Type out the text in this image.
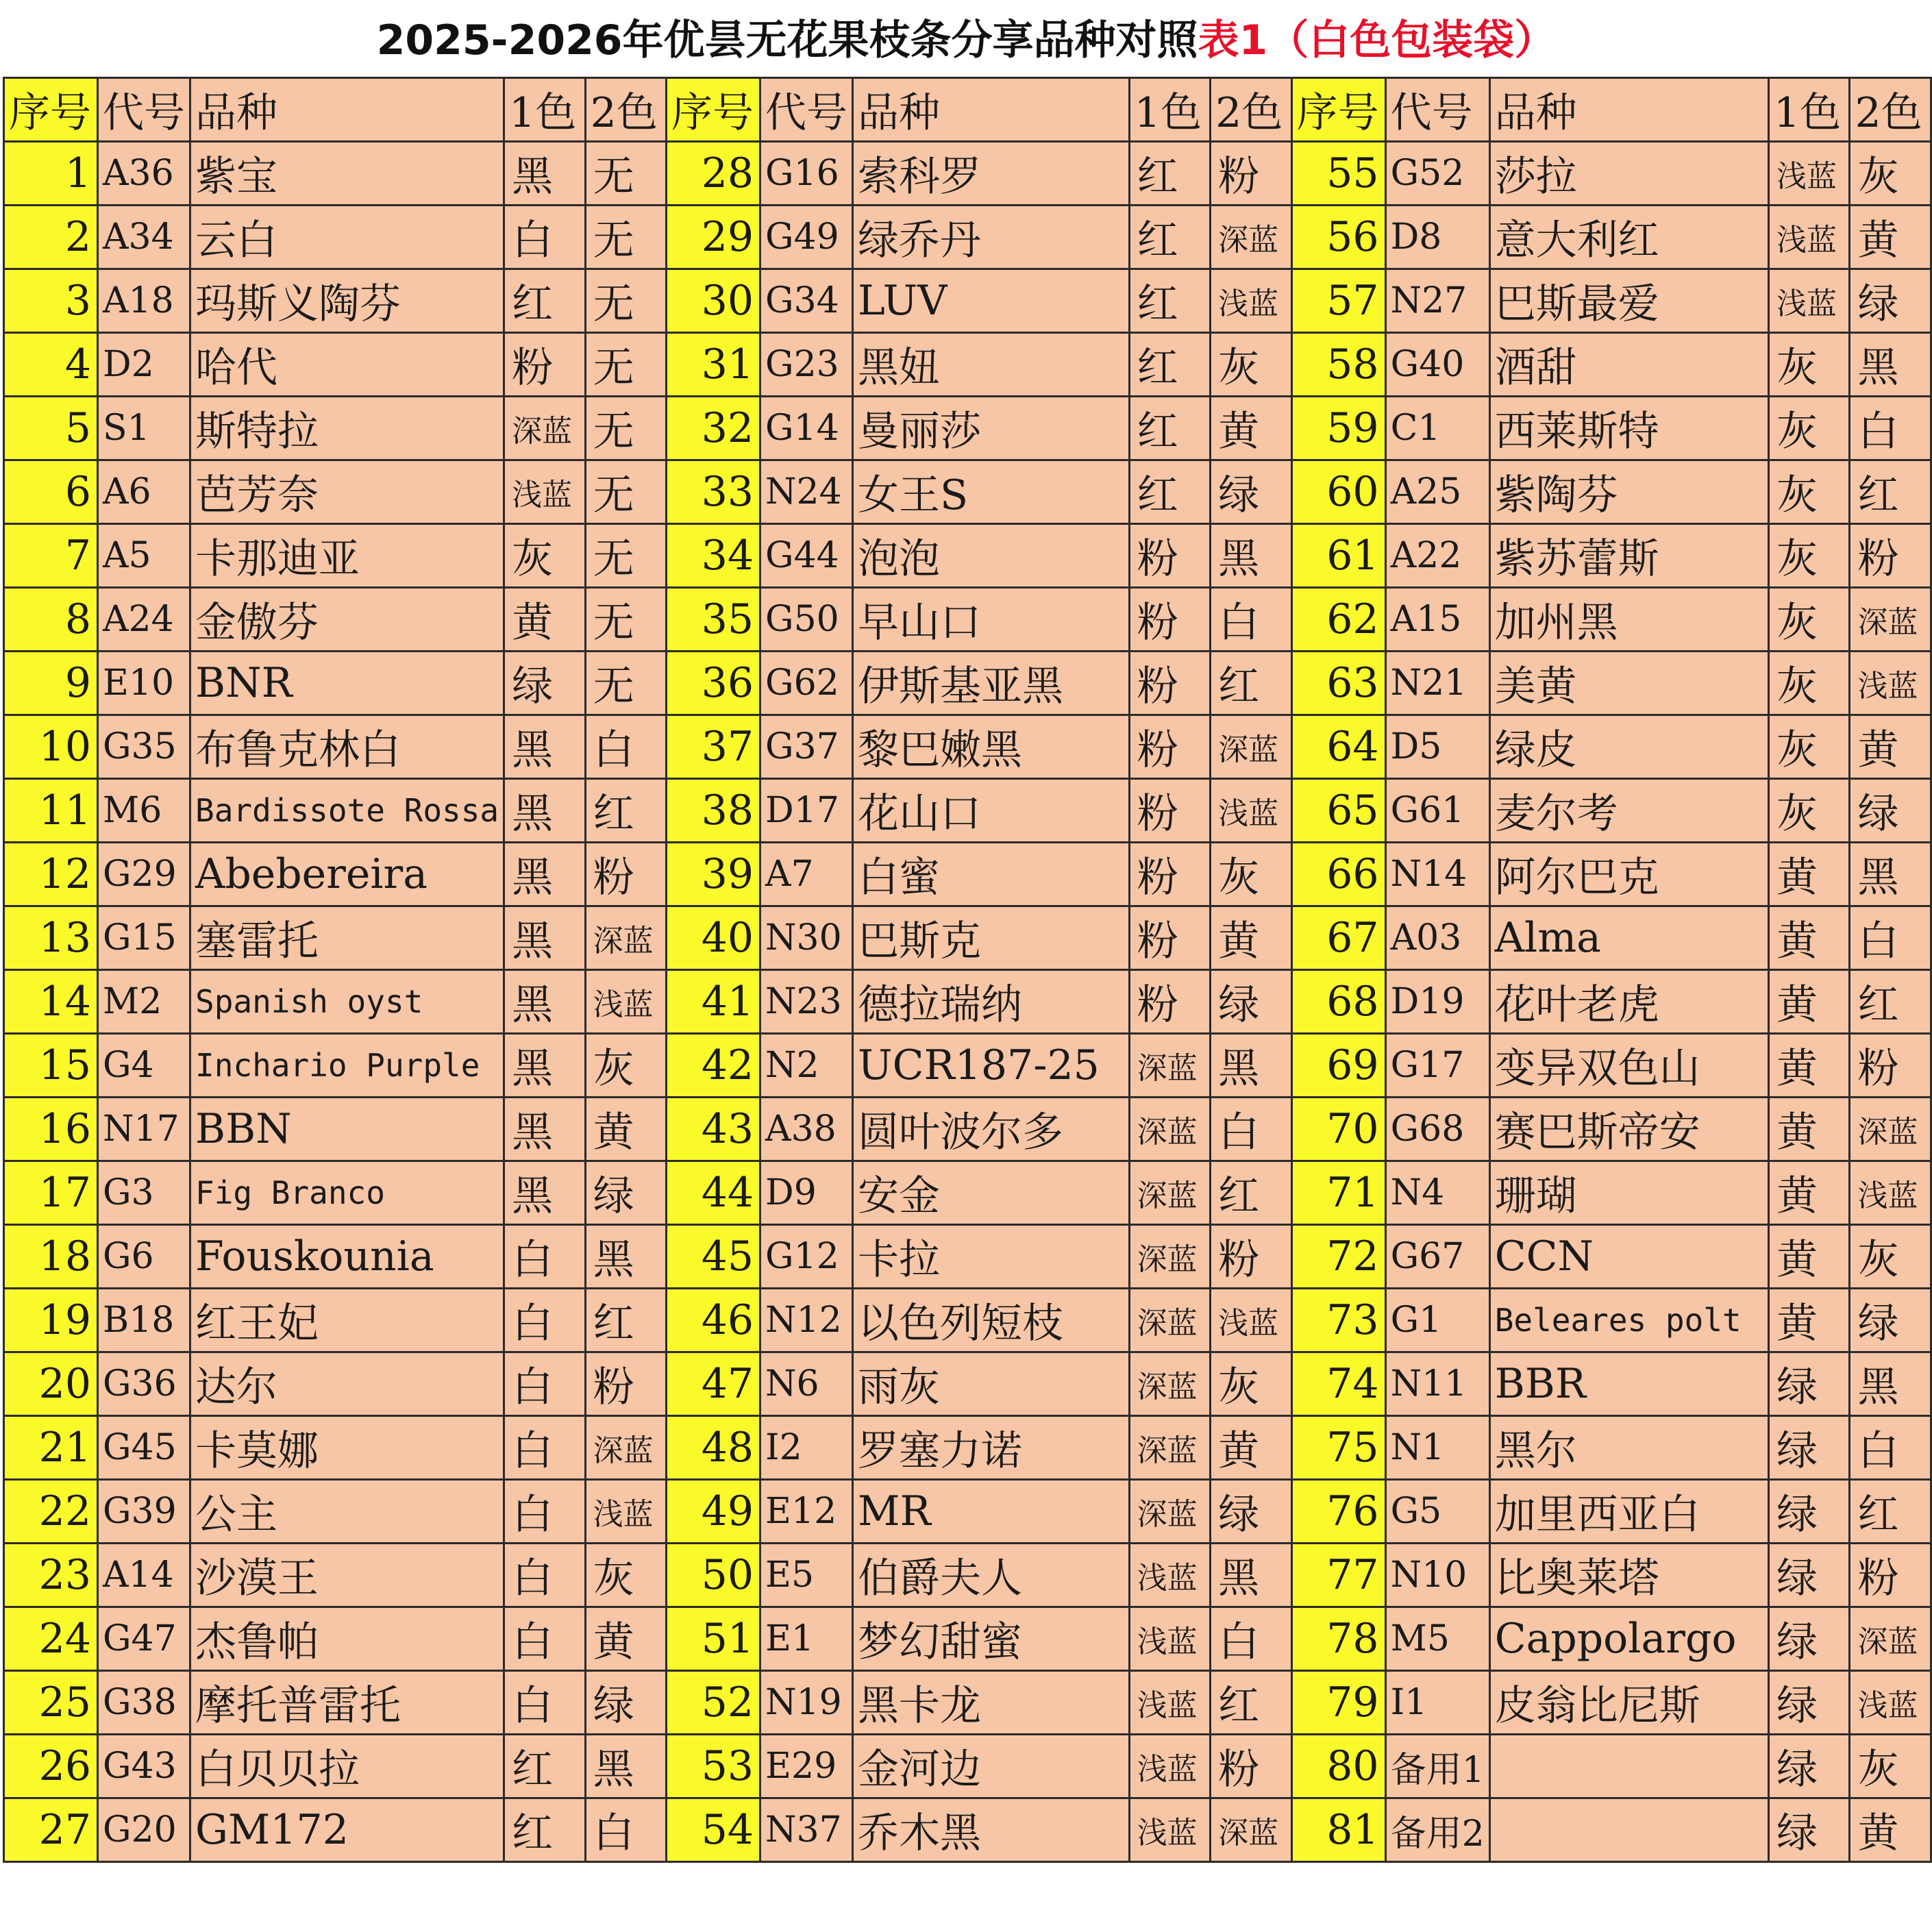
2025-2026年优昙无花果枝条分享品种对照表1（白色包装袋）
序号	代号	品种	1色	2色	序号	代号	品种	1色	2色	序号	代号	品种	1色	2色
1	A36	紫宝	黑	无	28	G16	索科罗	红	粉	55	G52	莎拉	浅蓝	灰
2	A34	云白	白	无	29	G49	绿乔丹	红	深蓝	56	D8	意大利红	浅蓝	黄
3	A18	玛斯义陶芬	红	无	30	G34	LUV	红	浅蓝	57	N27	巴斯最爱	浅蓝	绿
4	D2	哈代	粉	无	31	G23	黑妞	红	灰	58	G40	酒甜	灰	黑
5	S1	斯特拉	深蓝	无	32	G14	曼丽莎	红	黄	59	C1	西莱斯特	灰	白
6	A6	芭芳奈	浅蓝	无	33	N24	女王S	红	绿	60	A25	紫陶芬	灰	红
7	A5	卡那迪亚	灰	无	34	G44	泡泡	粉	黑	61	A22	紫苏蕾斯	灰	粉
8	A24	金傲芬	黄	无	35	G50	早山口	粉	白	62	A15	加州黑	灰	深蓝
9	E10	BNR	绿	无	36	G62	伊斯基亚黑	粉	红	63	N21	美黄	灰	浅蓝
10	G35	布鲁克林白	黑	白	37	G37	黎巴嫩黑	粉	深蓝	64	D5	绿皮	灰	黄
11	M6	Bardissote Rossa	黑	红	38	D17	花山口	粉	浅蓝	65	G61	麦尔考	灰	绿
12	G29	Abebereira	黑	粉	39	A7	白蜜	粉	灰	66	N14	阿尔巴克	黄	黑
13	G15	塞雷托	黑	深蓝	40	N30	巴斯克	粉	黄	67	A03	Alma	黄	白
14	M2	Spanish oyst	黑	浅蓝	41	N23	德拉瑞纳	粉	绿	68	D19	花叶老虎	黄	红
15	G4	Inchario Purple	黑	灰	42	N2	UCR187-25	深蓝	黑	69	G17	变异双色山	黄	粉
16	N17	BBN	黑	黄	43	A38	圆叶波尔多	深蓝	白	70	G68	赛巴斯帝安	黄	深蓝
17	G3	Fig Branco	黑	绿	44	D9	安金	深蓝	红	71	N4	珊瑚	黄	浅蓝
18	G6	Fouskounia	白	黑	45	G12	卡拉	深蓝	粉	72	G67	CCN	黄	灰
19	B18	红王妃	白	红	46	N12	以色列短枝	深蓝	浅蓝	73	G1	Beleares polt	黄	绿
20	G36	达尔	白	粉	47	N6	雨灰	深蓝	灰	74	N11	BBR	绿	黑
21	G45	卡莫娜	白	深蓝	48	I2	罗塞力诺	深蓝	黄	75	N1	黑尔	绿	白
22	G39	公主	白	浅蓝	49	E12	MR	深蓝	绿	76	G5	加里西亚白	绿	红
23	A14	沙漠王	白	灰	50	E5	伯爵夫人	浅蓝	黑	77	N10	比奥莱塔	绿	粉
24	G47	杰鲁帕	白	黄	51	E1	梦幻甜蜜	浅蓝	白	78	M5	Cappolargo	绿	深蓝
25	G38	摩托普雷托	白	绿	52	N19	黑卡龙	浅蓝	红	79	I1	皮翁比尼斯	绿	浅蓝
26	G43	白贝贝拉	红	黑	53	E29	金河边	浅蓝	粉	80	备用1		绿	灰
27	G20	GM172	红	白	54	N37	乔木黑	浅蓝	深蓝	81	备用2		绿	黄
